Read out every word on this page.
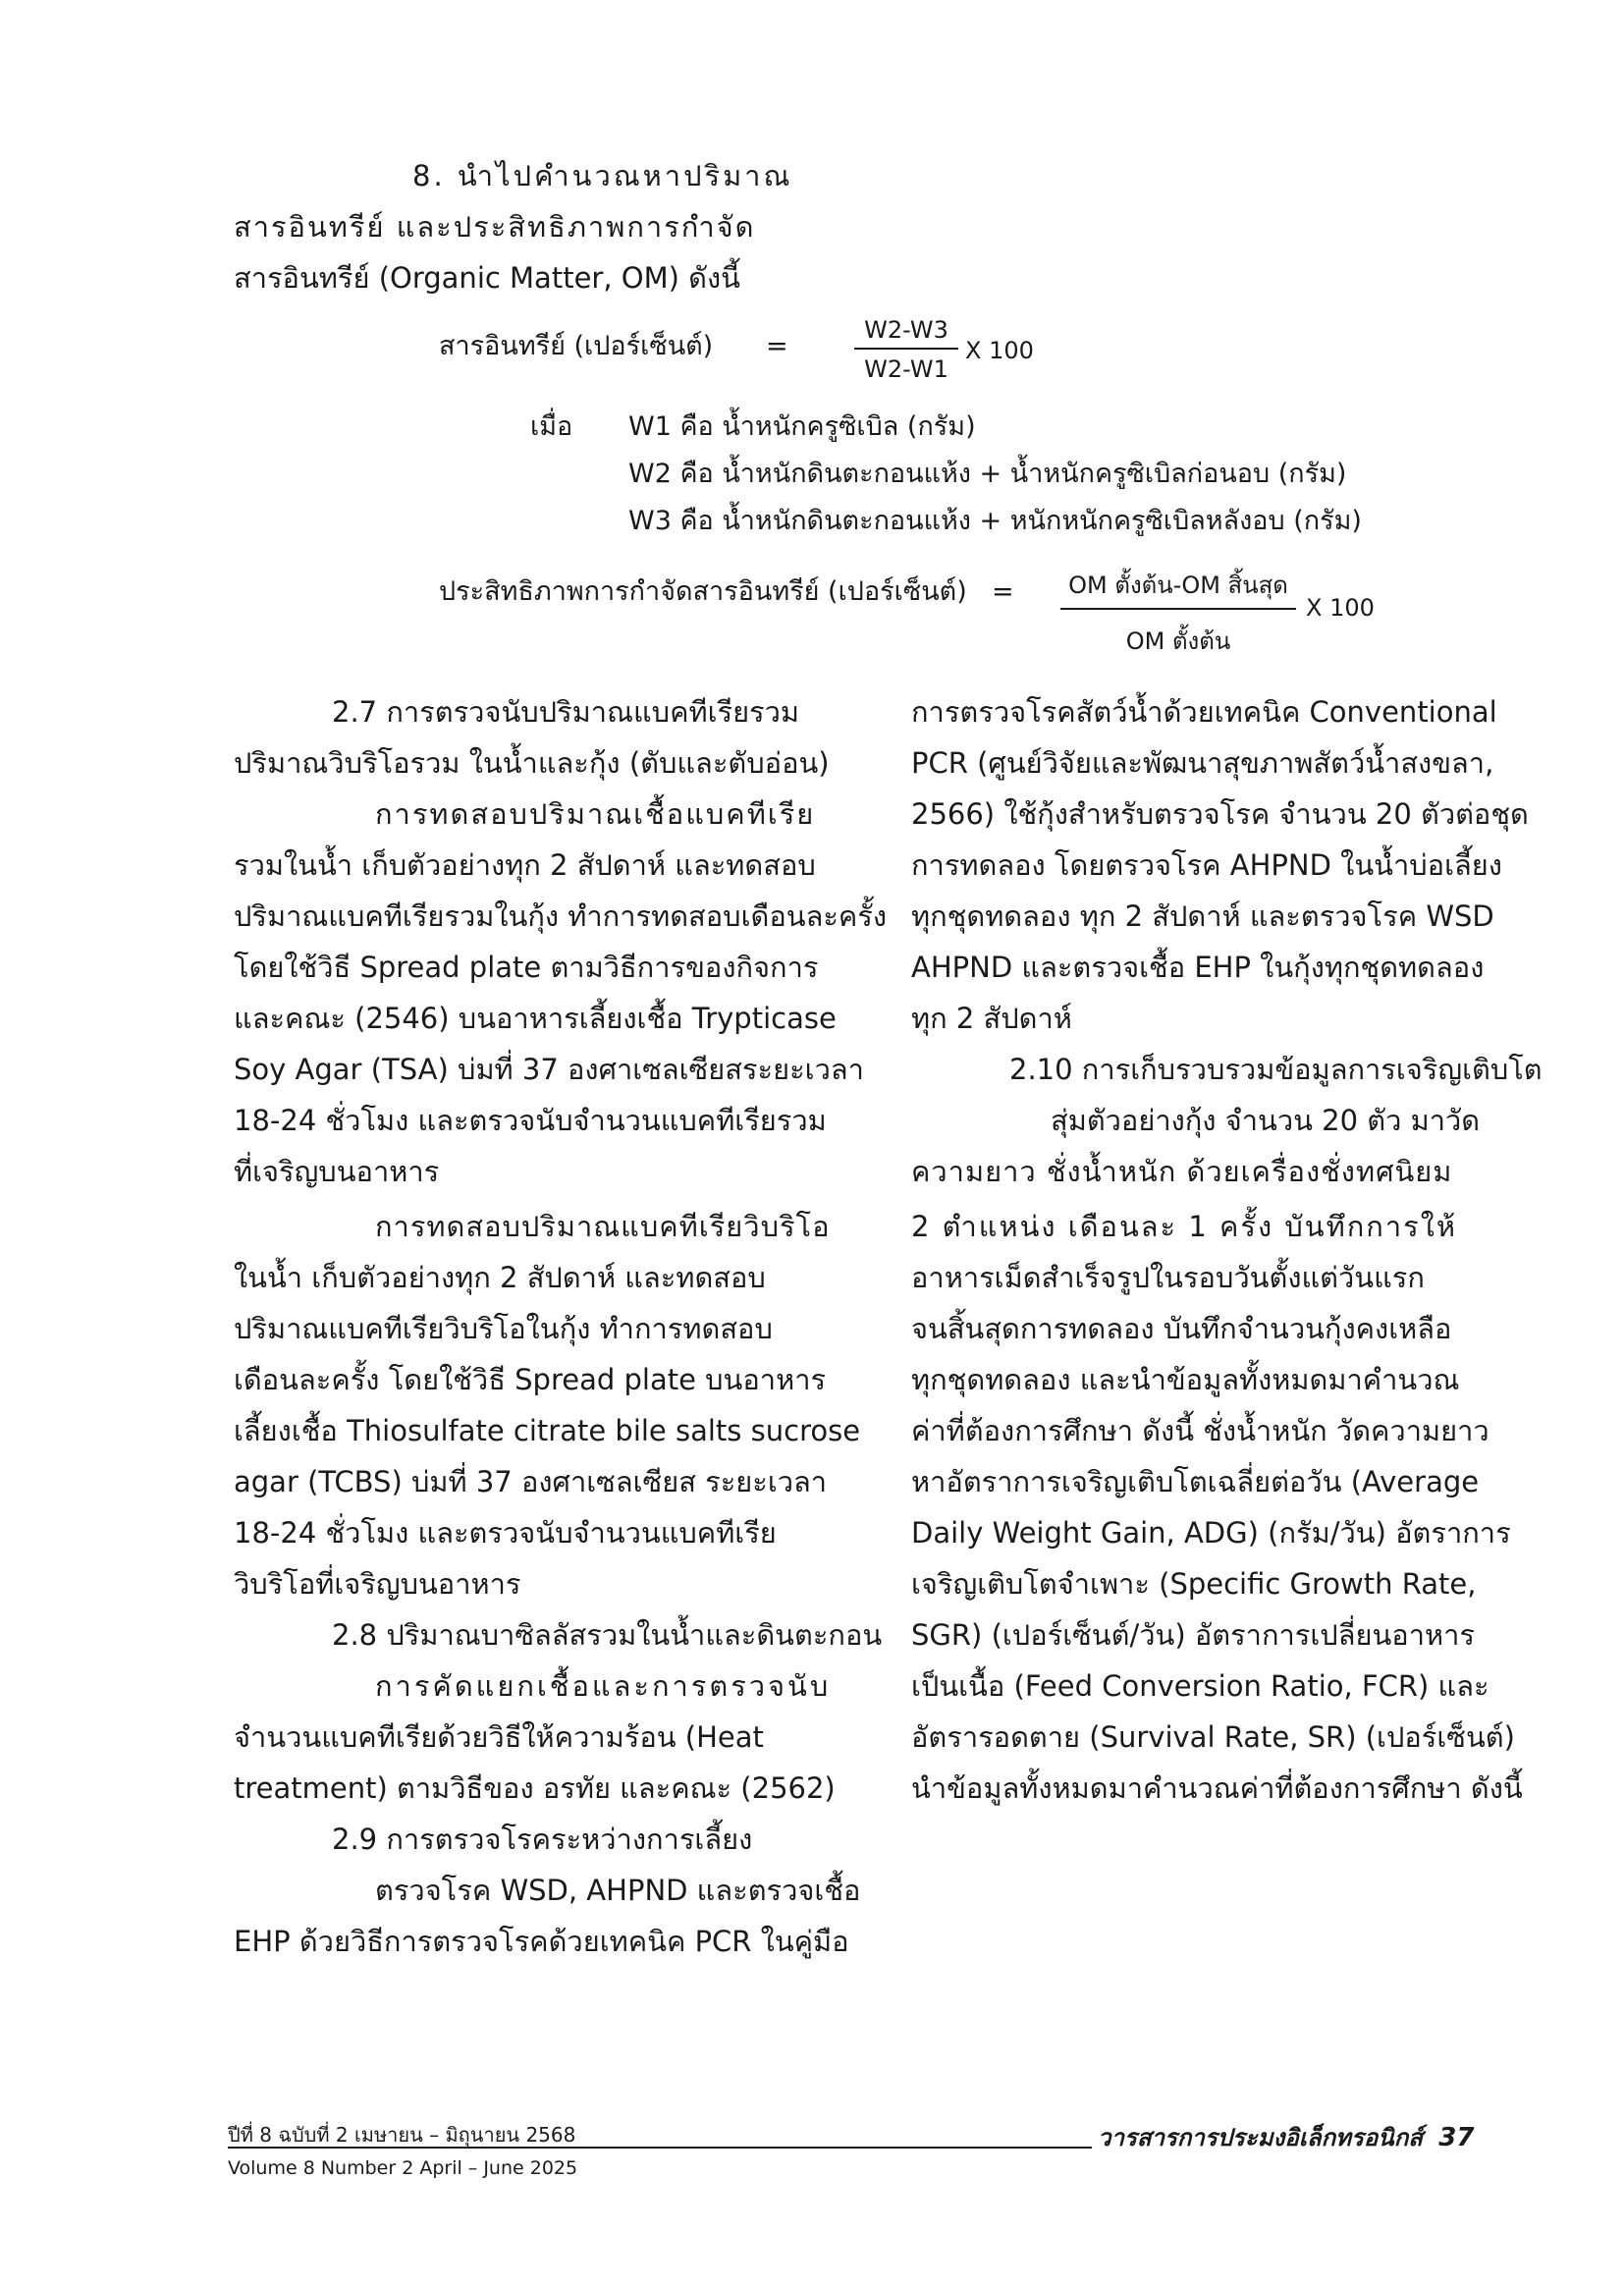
8. นำไปคำนวณหาปริมาณ
สารอินทรีย์ และประสิทธิภาพการกำจัด
สารอินทรีย์ (Organic Matter, OM) ดังนี้
สารอินทรีย์ (เปอร์เซ็นต์) =	$\frac{W2-W3}{W2-W1}$ X 100
เมื่อ W1 คือ น้ำหนักครูซิเบิล (กรัม)
W2 คือ น้ำหนักดินตะกอนแห้ง + น้ำหนักครูซิเบิลก่อนอบ (กรัม)
W3 คือ น้ำหนักดินตะกอนแห้ง + หนักหนักครูซิเบิลหลังอบ (กรัม)
ประสิทธิภาพการกำจัดสารอินทรีย์ (เปอร์เซ็นต์) =	OM ตั้งต้น-OM สิ้นสุด
OM ตั้งต้น
X 100
2.7 การตรวจนับปริมาณแบคทีเรียรวม
ปริมาณวิบริโอรวม ในน้ำและกุ้ง (ตับและตับอ่อน)
การทดสอบปริมาณเชื้อแบคทีเรีย
รวมในน้ำ เก็บตัวอย่างทุก 2 สัปดาห์ และทดสอบ
ปริมาณแบคทีเรียรวมในกุ้ง ทำการทดสอบเดือนละครั้ง
โดยใช้วิธี Spread plate ตามวิธีการของกิจการ
และคณะ (2546) บนอาหารเลี้ยงเชื้อ Trypticase
Soy Agar (TSA) บ่มที่ 37 องศาเซลเซียสระยะเวลา
18-24 ชั่วโมง และตรวจนับจำนวนแบคทีเรียรวม
ที่เจริญบนอาหาร
การทดสอบปริมาณแบคทีเรียวิบริโอ
ในน้ำ เก็บตัวอย่างทุก 2 สัปดาห์ และทดสอบ
ปริมาณแบคทีเรียวิบริโอในกุ้ง ทำการทดสอบ
เดือนละครั้ง โดยใช้วิธี Spread plate บนอาหาร
เลี้ยงเชื้อ Thiosulfate citrate bile salts sucrose
agar (TCBS) บ่มที่ 37 องศาเซลเซียส ระยะเวลา
18-24 ชั่วโมง และตรวจนับจำนวนแบคทีเรีย
วิบริโอที่เจริญบนอาหาร
2.8 ปริมาณบาซิลลัสรวมในน้ำและดินตะกอน
การคัดแยกเชื้อและการตรวจนับ
จำนวนแบคทีเรียด้วยวิธีให้ความร้อน (Heat
treatment) ตามวิธีของ อรทัย และคณะ (2562)
2.9 การตรวจโรคระหว่างการเลี้ยง
ตรวจโรค WSD, AHPND และตรวจเชื้อ
EHP ด้วยวิธีการตรวจโรคด้วยเทคนิค PCR ในคู่มือ
การตรวจโรคสัตว์น้ำด้วยเทคนิค Conventional
PCR (ศูนย์วิจัยและพัฒนาสุขภาพสัตว์น้ำสงขลา,
2566) ใช้กุ้งสำหรับตรวจโรค จำนวน 20 ตัวต่อชุด
การทดลอง โดยตรวจโรค AHPND ในน้ำบ่อเลี้ยง
ทุกชุดทดลอง ทุก 2 สัปดาห์ และตรวจโรค WSD
AHPND และตรวจเชื้อ EHP ในกุ้งทุกชุดทดลอง
ทุก 2 สัปดาห์
2.10 การเก็บรวบรวมข้อมูลการเจริญเติบโต
สุ่มตัวอย่างกุ้ง จำนวน 20 ตัว มาวัด
ความยาว ชั่งน้ำหนัก ด้วยเครื่องชั่งทศนิยม
2 ตำแหน่ง เดือนละ 1 ครั้ง บันทึกการให้
อาหารเม็ดสำเร็จรูปในรอบวันตั้งแต่วันแรก
จนสิ้นสุดการทดลอง บันทึกจำนวนกุ้งคงเหลือ
ทุกชุดทดลอง และนำข้อมูลทั้งหมดมาคำนวณ
ค่าที่ต้องการศึกษา ดังนี้ ชั่งน้ำหนัก วัดความยาว
หาอัตราการเจริญเติบโตเฉลี่ยต่อวัน (Average
Daily Weight Gain, ADG) (กรัม/วัน) อัตราการ
เจริญเติบโตจำเพาะ (Specific Growth Rate,
SGR) (เปอร์เซ็นต์/วัน) อัตราการเปลี่ยนอาหาร
เป็นเนื้อ (Feed Conversion Ratio, FCR) และ
อัตรารอดตาย (Survival Rate, SR) (เปอร์เซ็นต์)
นำข้อมูลทั้งหมดมาคำนวณค่าที่ต้องการศึกษา ดังนี้
ปีที่ 8 ฉบับที่ 2 เมษายน – มิถุนายน 2568
Volume 8 Number 2 April – June 2025
วารสารการประมงอิเล็กทรอนิกส์ 37
